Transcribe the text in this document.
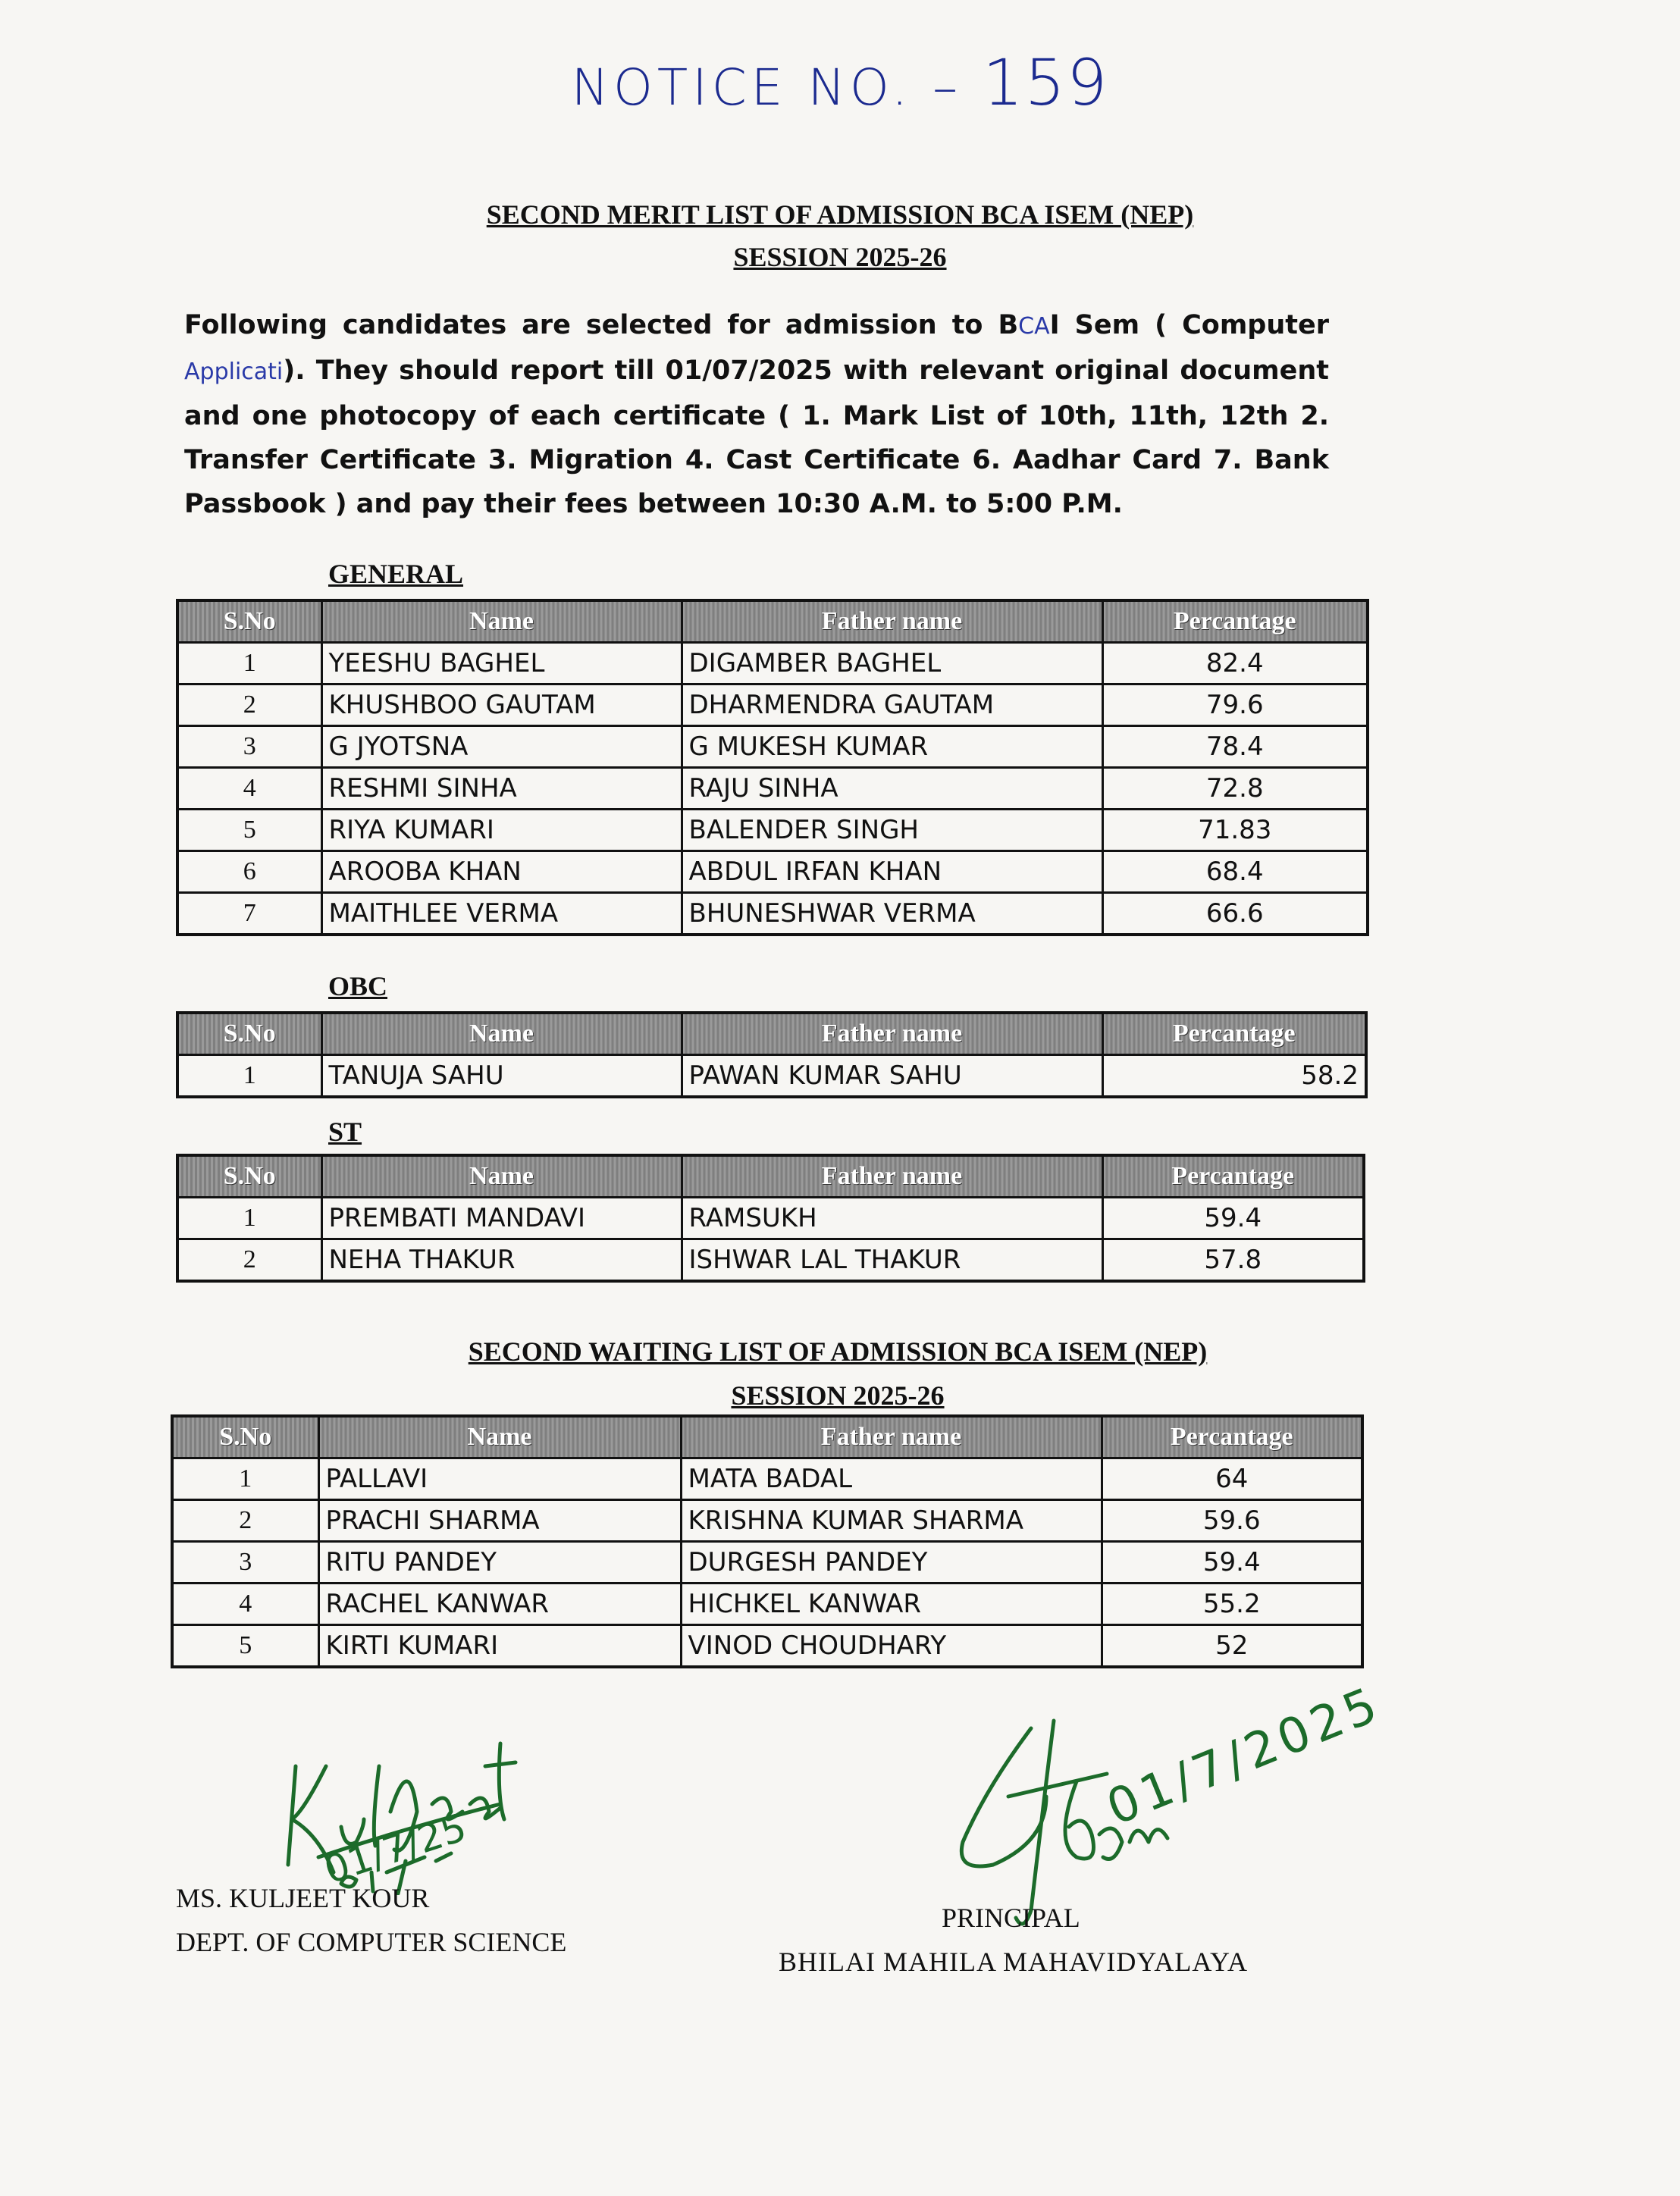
NOTICE NO. – 159
SECOND MERIT LIST OF ADMISSION BCA ISEM (NEP)
SESSION 2025-26
Following candidates are selected for admission to BCAI Sem ( Computer Applicati). They should report till 01/07/2025 with relevant original document and one photocopy of each certificate ( 1. Mark List of 10th, 11th, 12th 2. Transfer Certificate 3. Migration 4. Cast Certificate 6. Aadhar Card 7. Bank Passbook ) and pay their fees between 10:30 A.M. to 5:00 P.M.
GENERAL
S.No	Name	Father name	Percantage
1	YEESHU BAGHEL	DIGAMBER BAGHEL	82.4
2	KHUSHBOO GAUTAM	DHARMENDRA GAUTAM	79.6
3	G JYOTSNA	G MUKESH KUMAR	78.4
4	RESHMI SINHA	RAJU SINHA	72.8
5	RIYA KUMARI	BALENDER SINGH	71.83
6	AROOBA KHAN	ABDUL IRFAN KHAN	68.4
7	MAITHLEE VERMA	BHUNESHWAR VERMA	66.6
OBC
S.No	Name	Father name	Percantage
1	TANUJA SAHU	PAWAN KUMAR SAHU	58.2
ST
S.No	Name	Father name	Percantage
1	PREMBATI MANDAVI	RAMSUKH	59.4
2	NEHA THAKUR	ISHWAR LAL THAKUR	57.8
SECOND WAITING LIST OF ADMISSION BCA ISEM (NEP)
SESSION 2025-26
S.No	Name	Father name	Percantage
1	PALLAVI	MATA BADAL	64
2	PRACHI SHARMA	KRISHNA KUMAR SHARMA	59.6
3	RITU PANDEY	DURGESH PANDEY	59.4
4	RACHEL KANWAR	HICHKEL KANWAR	55.2
5	KIRTI KUMARI	VINOD CHOUDHARY	52
01/7/25
MS. KULJEET KOUR
DEPT. OF COMPUTER SCIENCE
01/7/2025
PRINCIPAL
BHILAI MAHILA MAHAVIDYALAYA
